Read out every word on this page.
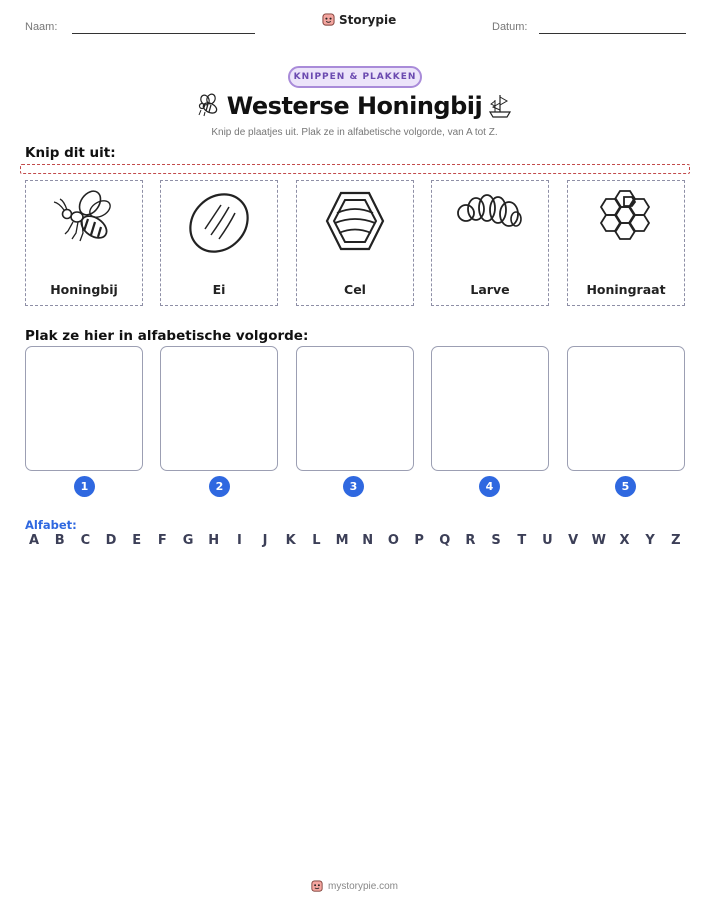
Naam:	Storypie	Datum:
KNIPPEN & PLAKKEN
Westerse Honingbij
Knip de plaatjes uit. Plak ze in alfabetische volgorde, van A tot Z.
Knip dit uit:
Honingbij	Ei	Cel	Larve	Honingraat
Plak ze hier in alfabetische volgorde:
1	2	3	4	5
Alfabet:
A	B	C	D	E	F	G H	I	J	K	L	M N O	P	Q	R	S	T	U	V	W	X	Y	Z
mystorypie.com
